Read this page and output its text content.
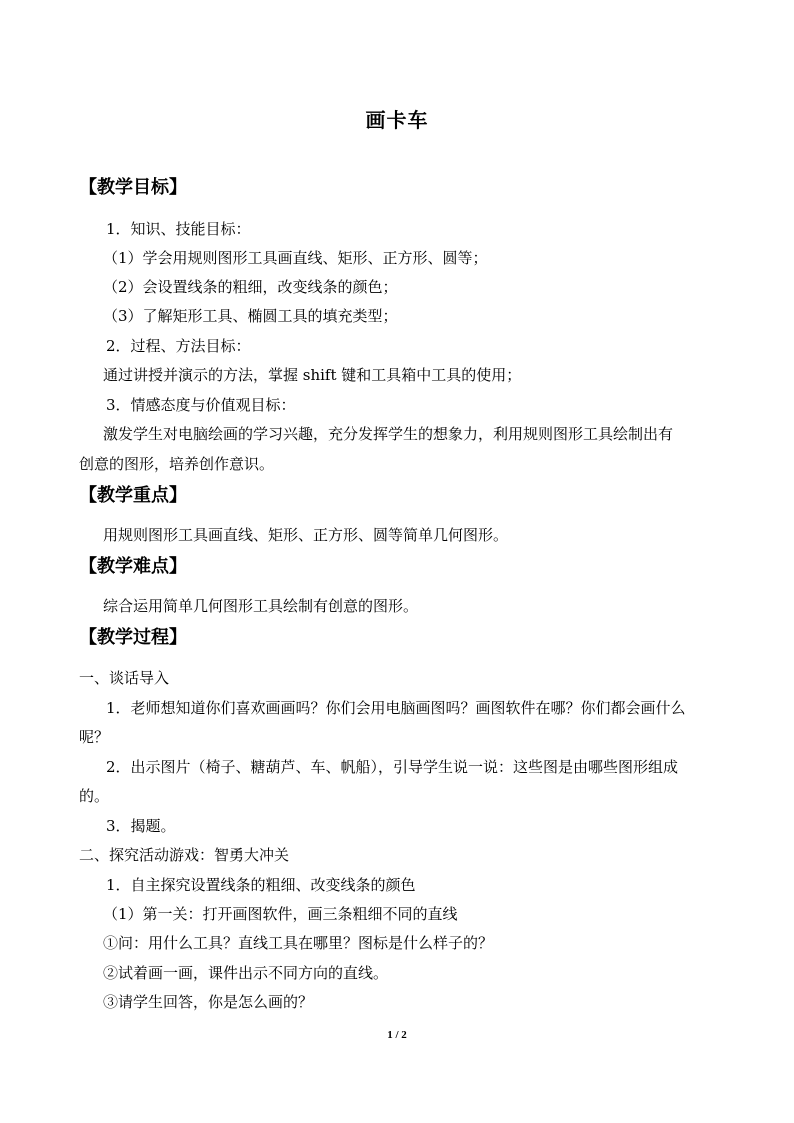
画卡车
【教学目标】
1．知识、技能目标：
（1）学会用规则图形工具画直线、矩形、正方形、圆等；
（2）会设置线条的粗细，改变线条的颜色；
（3）了解矩形工具、椭圆工具的填充类型；
2．过程、方法目标：
通过讲授并演示的方法，掌握 shift 键和工具箱中工具的使用；
3．情感态度与价值观目标：
激发学生对电脑绘画的学习兴趣，充分发挥学生的想象力，利用规则图形工具绘制出有
创意的图形，培养创作意识。
【教学重点】
用规则图形工具画直线、矩形、正方形、圆等简单几何图形。
【教学难点】
综合运用简单几何图形工具绘制有创意的图形。
【教学过程】
一、谈话导入
1．老师想知道你们喜欢画画吗？你们会用电脑画图吗？画图软件在哪？你们都会画什么
呢？
2．出示图片（椅子、糖葫芦、车、帆船），引导学生说一说：这些图是由哪些图形组成
的。
3．揭题。
二、探究活动游戏：智勇大冲关
1．自主探究设置线条的粗细、改变线条的颜色
（1）第一关：打开画图软件，画三条粗细不同的直线
①问：用什么工具？直线工具在哪里？图标是什么样子的？
②试着画一画，课件出示不同方向的直线。
③请学生回答，你是怎么画的？
1 / 2
